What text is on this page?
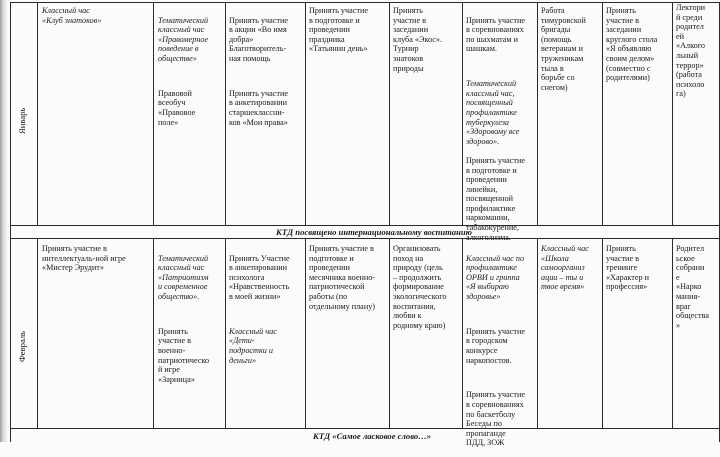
Январь
Классный час
«Клуб знатоков»	Тематический
классный час
«Правомерное
поведение в
обществе»

Правовой
всеобуч
«Правовое
поле»

Принять участие
в акции «Во имя
добра»
Благотворитель-
ная помощь

Принять участие
в анкетировании
старшеклассни-
ков «Мои права»

Принять участие
в подготовке и
проведении
праздника
«Татьянин день»
Принять
участие в
заседании
клуба «Экос».
Турнир
знатоков
природы

Принять участие
в соревнованиях
по шахматам и
шашкам.

Тематический
классный час,
посвященный
профилактике
туберкулеза
«Здоровому все
здорово».

Принять участие
в подготовке и
проведении
линейки,
посвященной
профилактике
наркомании,
табакокурение,
алкоголизма.

Работа
тимуровской
бригады
(помощь
ветеранам и
труженикам
тыла в
борьбе со
снегом)
Принять
участие в
заседании
круглого стола
«Я объявляю
своим делом»
(совместно с
родителями)
Лектори
й среди
родител
ей
«Алкого
льный
террор»
(работа
психоло
га)
КТД посвящено интернациональному воспитанию
Февраль
Принять участие в
интеллектуаль-ной игре
«Мистер Эрудит»

Тематический
классный час
«Патриотизм
и современное
общество».

Принять
участие в
военно-
патриотическо
й игре
«Зарница»

Принять Участие
в анкетировании
психолога
«Нравственность
в моей жизни»

Классный час
«Дети-
подростки и
деньги»

Принять участие в
подготовке и
проведении
месячника военно-
патриотической
работы (по
отдельному плану)
Организовать
поход на
природу (цель
– продолжить
формирование
экологического
воспитания,
любви к
родному краю)

Классный час по
профилактике
ОРВИ и гриппа
«Я выбираю
здоровье»

Принять участие
в городском
конкурсе
наркопостов.

Принять участие
в соревнованиях
по баскетболу
Беседы по
пропаганде
ПДД, ЗОЖ

Классный час
«Школа
самоорганиз
ации – ты и
твое время»
Принять
участие в
тренинге
«Характер и
профессия»
Родител
ьское
собрани
е
«Нарко
мания-
враг
общества
»
КТД «Самое ласковое слово…»
